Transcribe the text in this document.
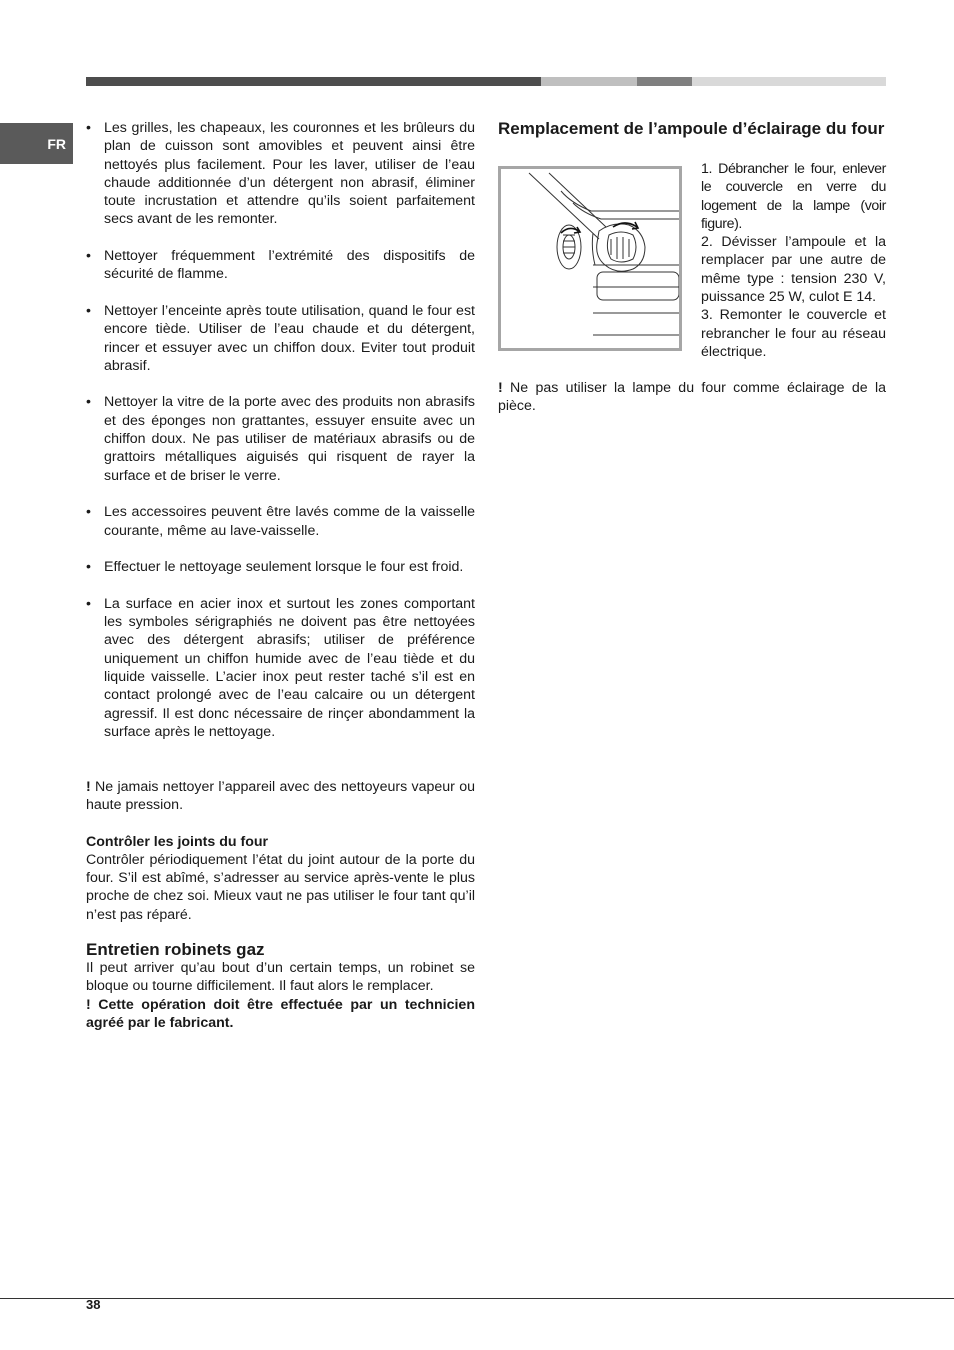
FR
• Les grilles, les chapeaux, les couronnes et les brûleurs du plan de cuisson sont amovibles et peuvent ainsi être nettoyés plus facilement. Pour les laver, utiliser de l’eau chaude additionnée d’un détergent non abrasif, éliminer toute incrustation et attendre qu’ils soient parfaitement secs avant de les remonter.
• Nettoyer fréquemment l’extrémité des dispositifs de sécurité de flamme.
• Nettoyer l’enceinte après toute utilisation, quand le four est encore tiède. Utiliser de l’eau chaude et du détergent, rincer et essuyer avec un chiffon doux. Eviter tout produit abrasif.
• Nettoyer la vitre de la porte avec des produits non abrasifs et des éponges non grattantes, essuyer ensuite avec un chiffon doux. Ne pas utiliser de matériaux abrasifs ou de grattoirs métalliques aiguisés qui risquent de rayer la surface et de briser le verre.
• Les accessoires peuvent être lavés comme de la vaisselle courante, même au lave-vaisselle.
• Effectuer le nettoyage seulement lorsque le four est froid.
• La surface en acier inox et surtout les zones comportant les symboles sérigraphiés ne doivent pas être nettoyées avec des détergent abrasifs; utiliser de préférence uniquement un chiffon humide avec de l’eau tiède et du liquide vaisselle. L’acier inox peut rester taché s’il est en contact prolongé avec de l’eau calcaire ou un détergent agressif. Il est donc nécessaire de rinçer abondamment la surface après le nettoyage.

! Ne jamais nettoyer l’appareil avec des nettoyeurs vapeur ou haute pression.

Contrôler les joints du four

Contrôler périodiquement l’état du joint autour de la porte du four. S’il est abîmé, s’adresser au service après-vente le plus proche de chez soi. Mieux vaut ne pas utiliser le four tant qu’il n’est pas réparé.

Entretien robinets gaz

Il peut arriver qu’au bout d’un certain temps, un robinet se bloque ou tourne difficilement. Il faut alors le remplacer.

! Cette opération doit être effectuée par un technicien agréé par le fabricant.

Remplacement de l’ampoule d’éclairage du four

1. Débrancher le four, enlever le couvercle en verre du logement de la lampe (voir figure).

2. Dévisser l’ampoule et la remplacer par une autre de même type : tension 230 V, puissance 25 W, culot E 14.

3. Remonter le couvercle et rebrancher le four au réseau électrique.

! Ne pas utiliser la lampe du four comme éclairage de la pièce.

38
